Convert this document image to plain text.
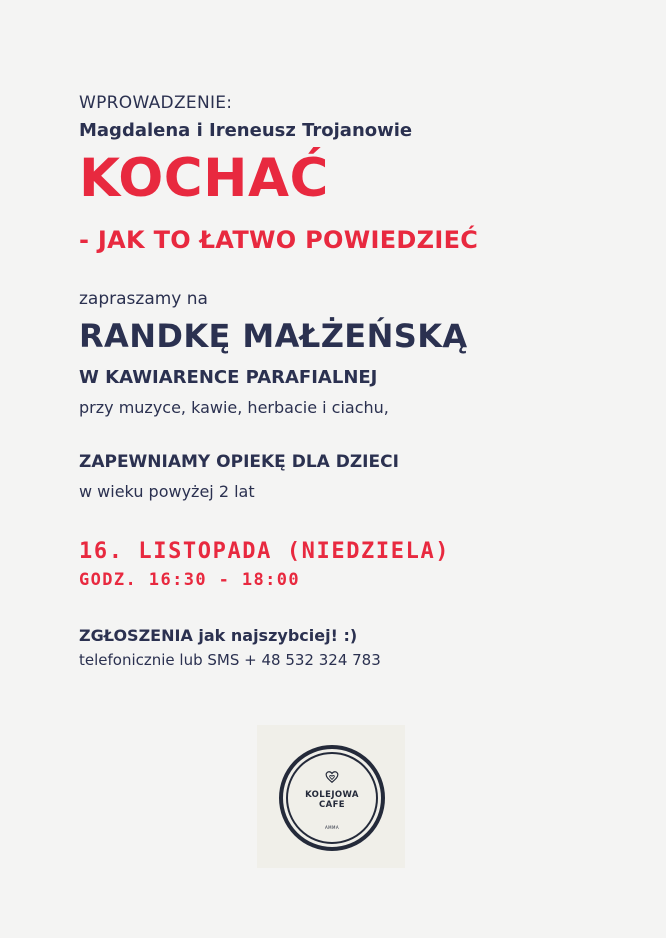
WPROWADZENIE:

Magdalena i Ireneusz Trojanowie

KOCHAĆ
- JAK TO ŁATWO POWIEDZIEĆ

zapraszamy na

RANDKĘ MAŁŻEŃSKĄ

W KAWIARENCE PARAFIALNEJ

przy muzyce, kawie, herbacie i ciachu,

ZAPEWNIAMY OPIEKĘ DLA DZIECI

w wieku powyżej 2 lat

16. LISTOPADA (NIEDZIELA)

GODZ. 16:30 - 18:00

ZGŁOSZENIA jak najszybciej! :)

telefonicznie lub SMS + 48 532 324 783

KOLEJOWA
CAFE
AMMA
